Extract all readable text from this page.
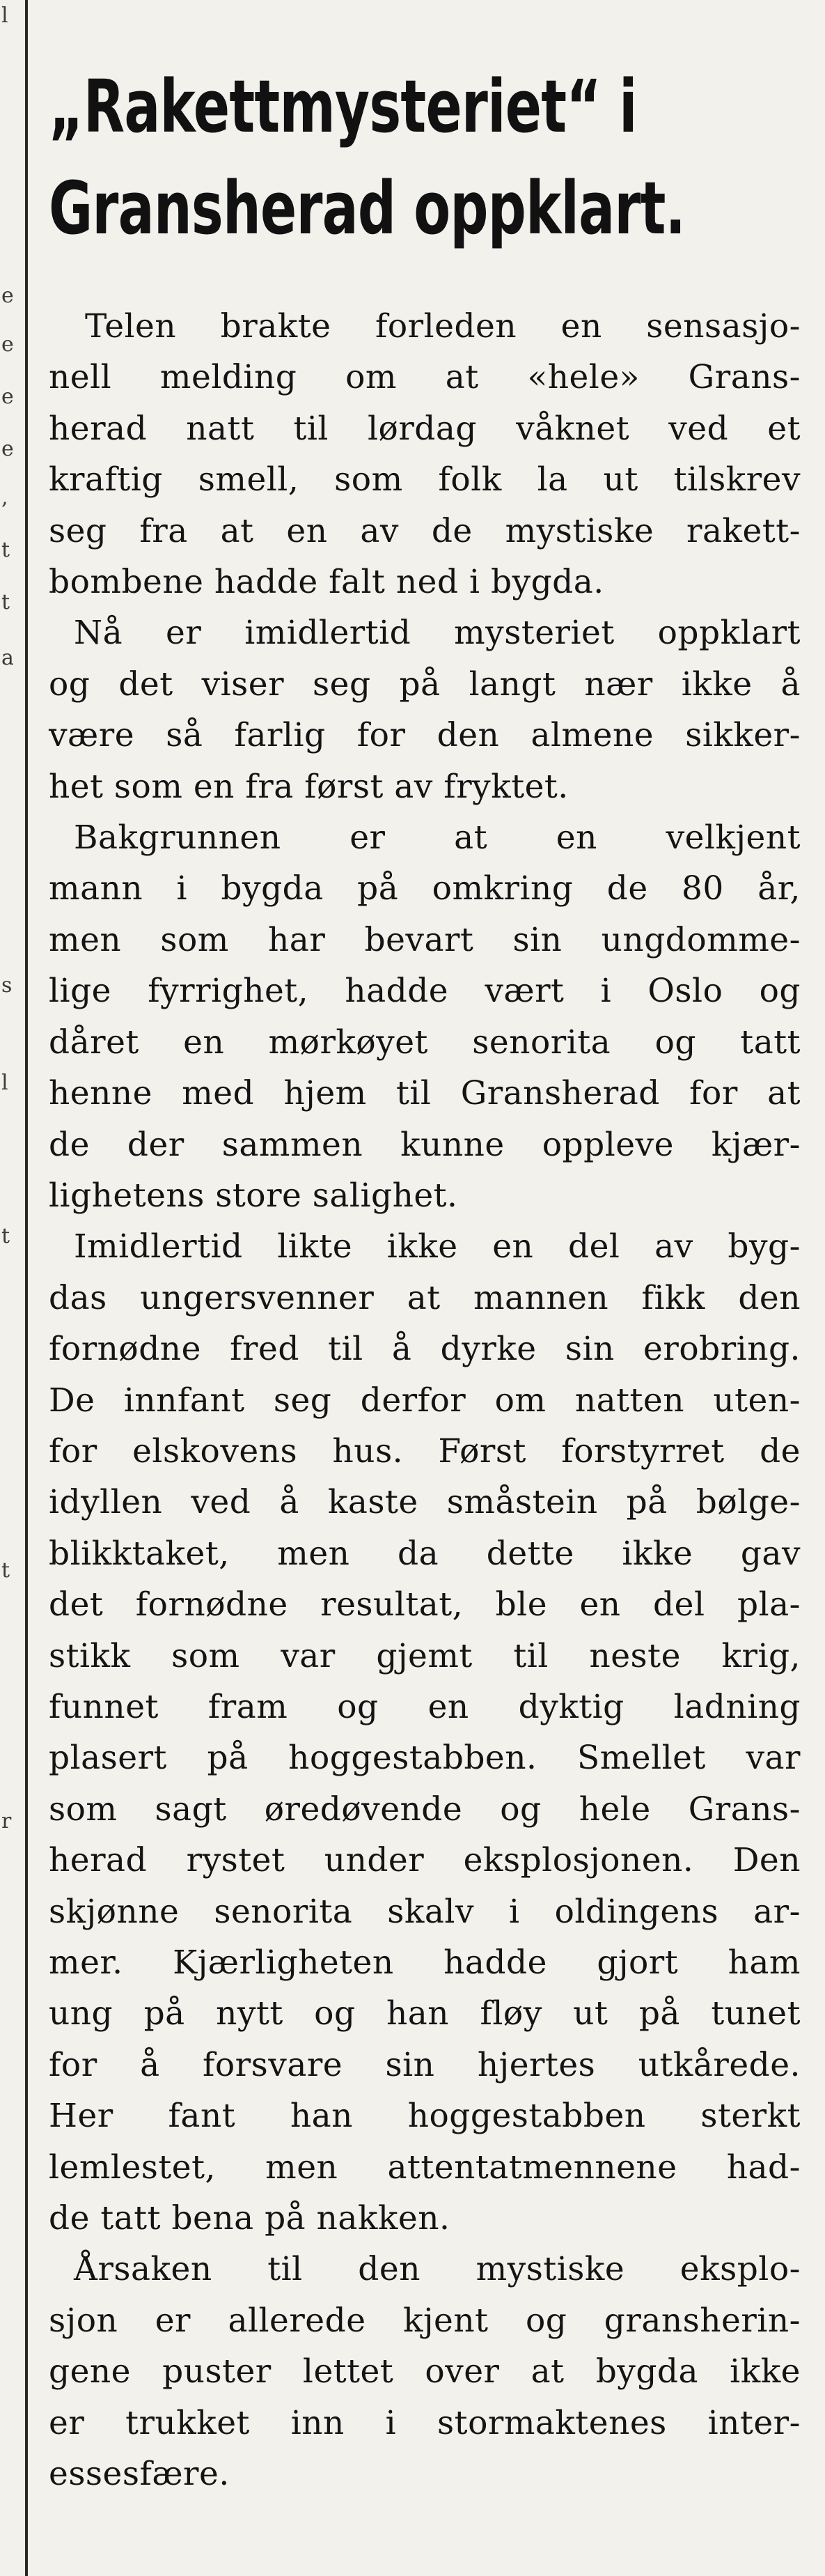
l
e
e
e
e
,
t
t
a
s
l
t
t
r
„Rakettmysteriet“ i
Gransherad oppklart.
Telen brakte forleden en sensasjo-
nell melding om at «hele» Grans-
herad natt til lørdag våknet ved et
kraftig smell, som folk la ut tilskrev
seg fra at en av de mystiske rakett-
bombene hadde falt ned i bygda.
Nå er imidlertid mysteriet oppklart
og det viser seg på langt nær ikke å
være så farlig for den almene sikker-
het som en fra først av fryktet.
Bakgrunnen er at en velkjent
mann i bygda på omkring de 80 år,
men som har bevart sin ungdomme-
lige fyrrighet, hadde vært i Oslo og
dåret en mørkøyet senorita og tatt
henne med hjem til Gransherad for at
de der sammen kunne oppleve kjær-
lighetens store salighet.
Imidlertid likte ikke en del av byg-
das ungersvenner at mannen fikk den
fornødne fred til å dyrke sin erobring.
De innfant seg derfor om natten uten-
for elskovens hus. Først forstyrret de
idyllen ved å kaste småstein på bølge-
blikktaket, men da dette ikke gav
det fornødne resultat, ble en del pla-
stikk som var gjemt til neste krig,
funnet fram og en dyktig ladning
plasert på hoggestabben. Smellet var
som sagt øredøvende og hele Grans-
herad rystet under eksplosjonen. Den
skjønne senorita skalv i oldingens ar-
mer. Kjærligheten hadde gjort ham
ung på nytt og han fløy ut på tunet
for å forsvare sin hjertes utkårede.
Her fant han hoggestabben sterkt
lemlestet, men attentatmennene had-
de tatt bena på nakken.
Årsaken til den mystiske eksplo-
sjon er allerede kjent og gransherin-
gene puster lettet over at bygda ikke
er trukket inn i stormaktenes inter-
essesfære.
